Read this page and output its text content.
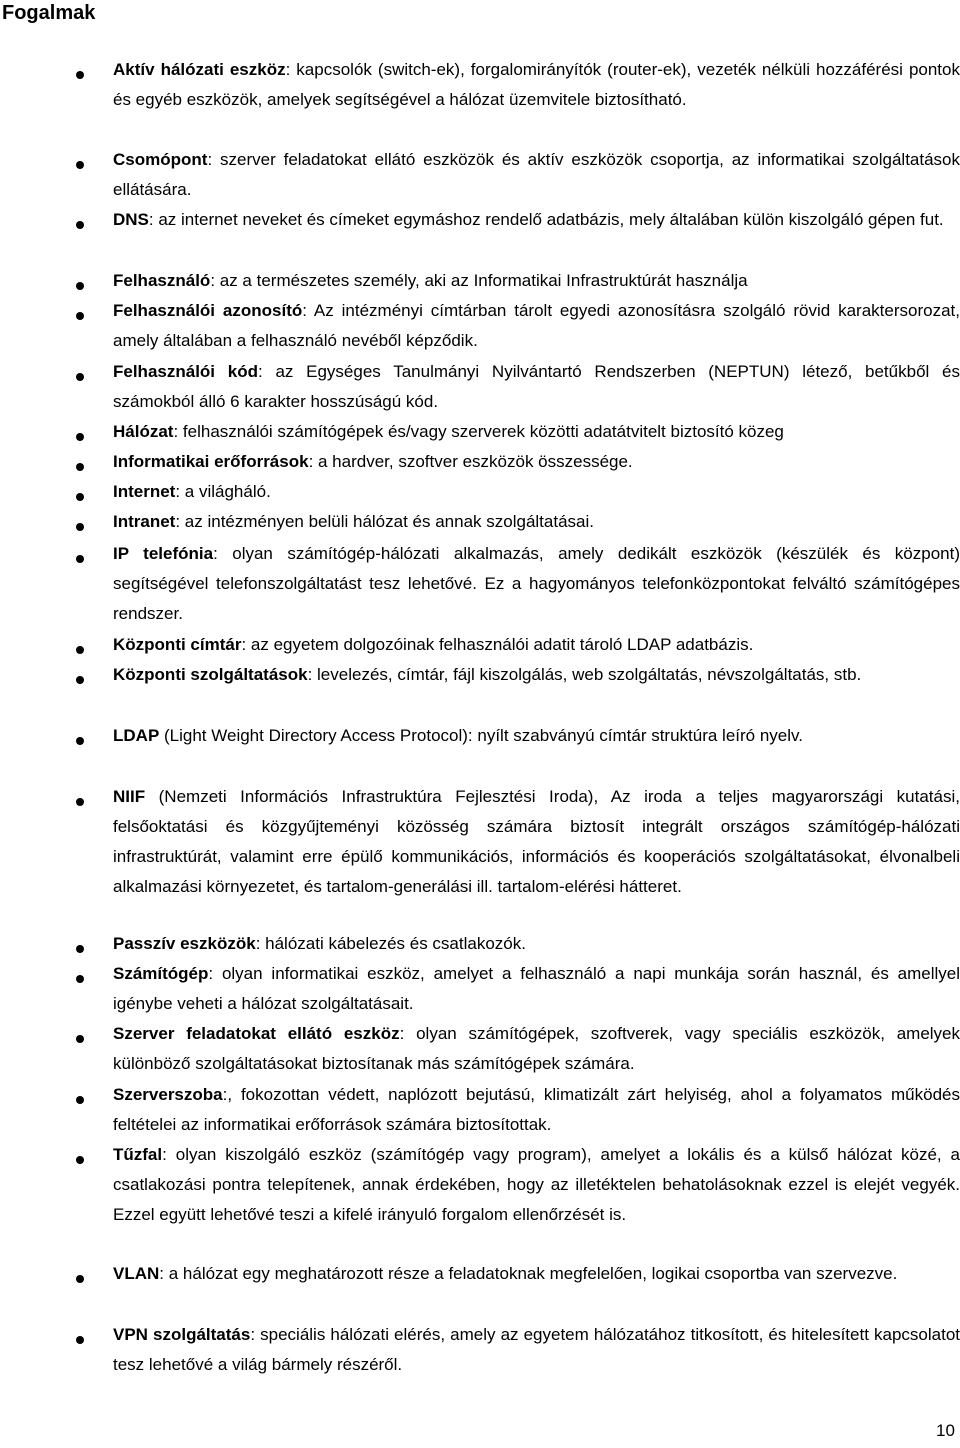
Fogalmak

Aktív hálózati eszköz: kapcsolók (switch-ek), forgalomirányítók (router-ek), vezeték nélküli hozzáférési pontok és egyéb eszközök, amelyek segítségével a hálózat üzemvitele biztosítható.

Csomópont: szerver feladatokat ellátó eszközök és aktív eszközök csoportja, az informatikai szolgáltatások ellátására.

DNS: az internet neveket és címeket egymáshoz rendelő adatbázis, mely általában külön kiszolgáló gépen fut.

Felhasználó: az a természetes személy, aki az Informatikai Infrastruktúrát használja

Felhasználói azonosító: Az intézményi címtárban tárolt egyedi azonosításra szolgáló rövid karaktersorozat, amely általában a felhasználó nevéből képződik.

Felhasználói kód: az Egységes Tanulmányi Nyilvántartó Rendszerben (NEPTUN) létező, betűkből és számokból álló 6 karakter hosszúságú kód.

Hálózat: felhasználói számítógépek és/vagy szerverek közötti adatátvitelt biztosító közeg

Informatikai erőforrások: a hardver, szoftver eszközök összessége.

Internet: a világháló.

Intranet: az intézményen belüli hálózat és annak szolgáltatásai.

IP telefónia: olyan számítógép-hálózati alkalmazás, amely dedikált eszközök (készülék és központ) segítségével telefonszolgáltatást tesz lehetővé. Ez a hagyományos telefonközpontokat felváltó számítógépes rendszer.

Központi címtár: az egyetem dolgozóinak felhasználói adatit tároló LDAP adatbázis.

Központi szolgáltatások: levelezés, címtár, fájl kiszolgálás, web szolgáltatás, névszolgáltatás, stb.

LDAP (Light Weight Directory Access Protocol): nyílt szabványú címtár struktúra leíró nyelv.

NIIF (Nemzeti Információs Infrastruktúra Fejlesztési Iroda), Az iroda a teljes magyarországi kutatási, felsőoktatási és közgyűjteményi közösség számára biztosít integrált országos számítógép-hálózati infrastruktúrát, valamint erre épülő kommunikációs, információs és kooperációs szolgáltatásokat, élvonalbeli alkalmazási környezetet, és tartalom-generálási ill. tartalom-elérési hátteret.

Passzív eszközök: hálózati kábelezés és csatlakozók.

Számítógép: olyan informatikai eszköz, amelyet a felhasználó a napi munkája során használ, és amellyel igénybe veheti a hálózat szolgáltatásait.

Szerver feladatokat ellátó eszköz: olyan számítógépek, szoftverek, vagy speciális eszközök, amelyek különböző szolgáltatásokat biztosítanak más számítógépek számára.

Szerverszoba:, fokozottan védett, naplózott bejutású, klimatizált zárt helyiség, ahol a folyamatos működés feltételei az informatikai erőforrások számára biztosítottak.

Tűzfal: olyan kiszolgáló eszköz (számítógép vagy program), amelyet a lokális és a külső hálózat közé, a csatlakozási pontra telepítenek, annak érdekében, hogy az illetéktelen behatolásoknak ezzel is elejét vegyék. Ezzel együtt lehetővé teszi a kifelé irányuló forgalom ellenőrzését is.

VLAN: a hálózat egy meghatározott része a feladatoknak megfelelően, logikai csoportba van szervezve.

VPN szolgáltatás: speciális hálózati elérés, amely az egyetem hálózatához titkosított, és hitelesített kapcsolatot tesz lehetővé a világ bármely részéről.

10
